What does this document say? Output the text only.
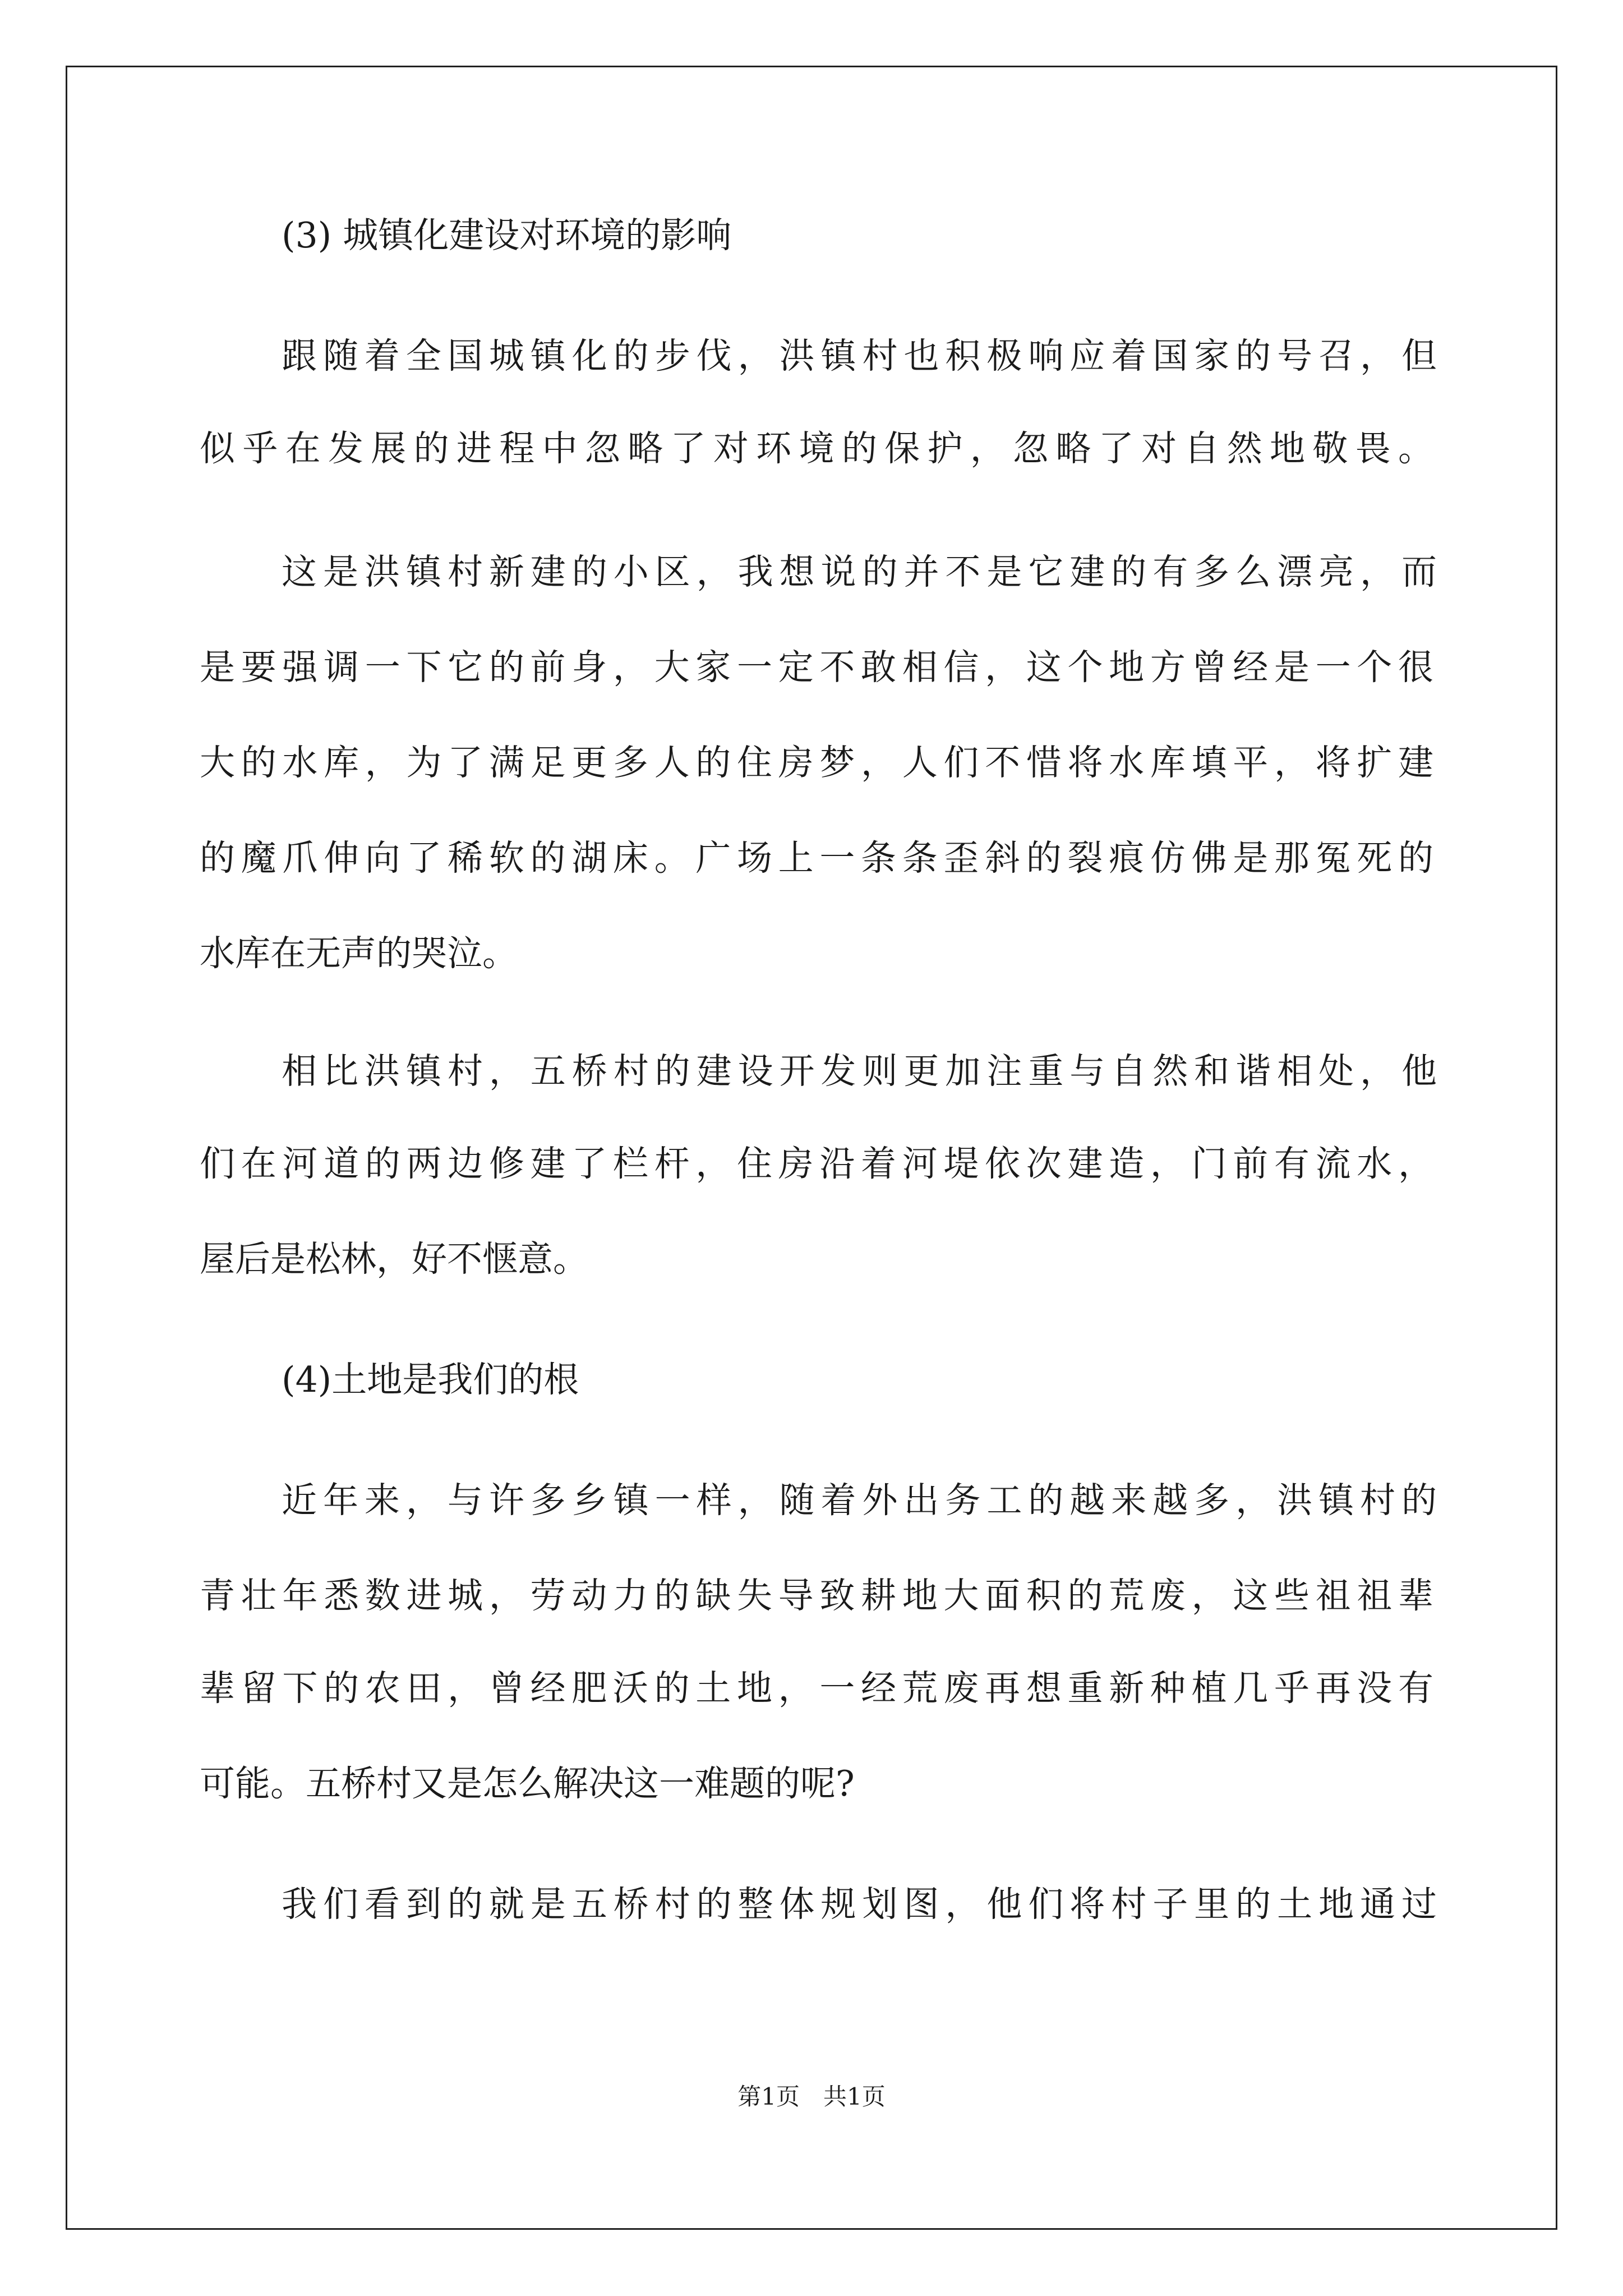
(3) 城镇化建设对环境的影响
跟随着全国城镇化的步伐，洪镇村也积极响应着国家的号召，但
似乎在发展的进程中忽略了对环境的保护，忽略了对自然地敬畏。
这是洪镇村新建的小区，我想说的并不是它建的有多么漂亮，而
是要强调一下它的前身，大家一定不敢相信，这个地方曾经是一个很
大的水库，为了满足更多人的住房梦，人们不惜将水库填平，将扩建
的魔爪伸向了稀软的湖床。广场上一条条歪斜的裂痕仿佛是那冤死的
水库在无声的哭泣。
相比洪镇村，五桥村的建设开发则更加注重与自然和谐相处，他
们在河道的两边修建了栏杆，住房沿着河堤依次建造，门前有流水，
屋后是松林，好不惬意。
(4)土地是我们的根
近年来，与许多乡镇一样，随着外出务工的越来越多，洪镇村的
青壮年悉数进城，劳动力的缺失导致耕地大面积的荒废，这些祖祖辈
辈留下的农田，曾经肥沃的土地，一经荒废再想重新种植几乎再没有
可能。五桥村又是怎么解决这一难题的呢?
我们看到的就是五桥村的整体规划图，他们将村子里的土地通过
第1页　共1页
